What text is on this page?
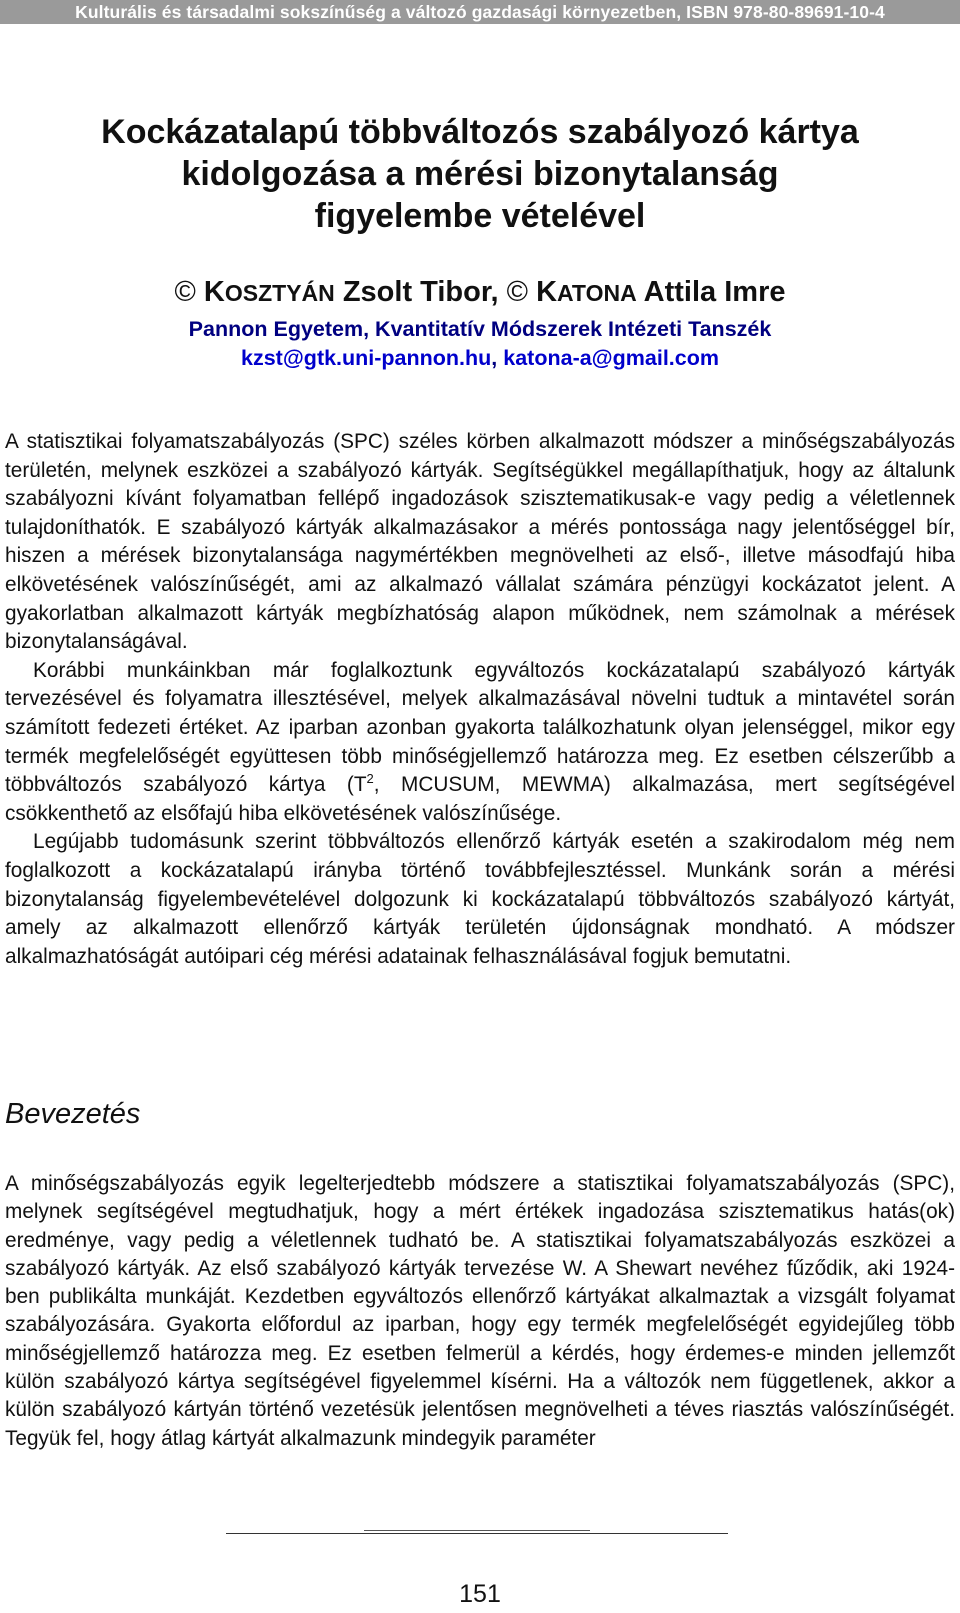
Kulturális és társadalmi sokszínűség a változó gazdasági környezetben, ISBN 978-80-89691-10-4
Kockázatalapú többváltozós szabályozó kártya
kidolgozása a mérési bizonytalanság
figyelembe vételével
© KOSZTYÁN Zsolt Tibor, © KATONA Attila Imre
Pannon Egyetem, Kvantitatív Módszerek Intézeti Tanszék
kzst@gtk.uni-pannon.hu, katona-a@gmail.com

A statisztikai folyamatszabályozás (SPC) széles körben alkalmazott módszer a minőségszabályozás területén, melynek eszközei a szabályozó kártyák. Segítségükkel megállapíthatjuk, hogy az általunk szabályozni kívánt folyamatban fellépő ingadozások szisztematikusak-e vagy pedig a véletlennek tulajdoníthatók. E szabályozó kártyák alkalmazásakor a mérés pontossága nagy jelentőséggel bír, hiszen a mérések bizonytalansága nagymértékben megnövelheti az első-, illetve másodfajú hiba elkövetésének valószínűségét, ami az alkalmazó vállalat számára pénzügyi kockázatot jelent. A gyakorlatban alkalmazott kártyák megbízhatóság alapon működnek, nem számolnak a mérések bizonytalanságával.

Korábbi munkáinkban már foglalkoztunk egyváltozós kockázatalapú szabályozó kártyák tervezésével és folyamatra illesztésével, melyek alkalmazásával növelni tudtuk a mintavétel során számított fedezeti értéket. Az iparban azonban gyakorta találkozhatunk olyan jelenséggel, mikor egy termék megfelelőségét együttesen több minőségjellemző határozza meg. Ez esetben célszerűbb a többváltozós szabályozó kártya ($T^2$, MCUSUM, MEWMA) alkalmazása, mert segítségével csökkenthető az elsőfajú hiba elkövetésének valószínűsége.

Legújabb tudomásunk szerint többváltozós ellenőrző kártyák esetén a szakirodalom még nem foglalkozott a kockázatalapú irányba történő továbbfejlesztéssel. Munkánk során a mérési bizonytalanság figyelembevételével dolgozunk ki kockázatalapú többváltozós szabályozó kártyát, amely az alkalmazott ellenőrző kártyák területén újdonságnak mondható. A módszer alkalmazhatóságát autóipari cég mérési adatainak felhasználásával fogjuk bemutatni.

Bevezetés

A minőségszabályozás egyik legelterjedtebb módszere a statisztikai folyamatszabályozás (SPC), melynek segítségével megtudhatjuk, hogy a mért értékek ingadozása szisztematikus hatás(ok) eredménye, vagy pedig a véletlennek tudható be. A statisztikai folyamatszabályozás eszközei a szabályozó kártyák. Az első szabályozó kártyák tervezése W. A Shewart nevéhez fűződik, aki 1924-ben publikálta munkáját. Kezdetben egyváltozós ellenőrző kártyákat alkalmaztak a vizsgált folyamat szabályozására. Gyakorta előfordul az iparban, hogy egy termék megfelelőségét egyidejűleg több minőségjellemző határozza meg. Ez esetben felmerül a kérdés, hogy érdemes-e minden jellemzőt külön szabályozó kártya segítségével figyelemmel kísérni. Ha a változók nem függetlenek, akkor a külön szabályozó kártyán történő vezetésük jelentősen megnövelheti a téves riasztás valószínűségét. Tegyük fel, hogy átlag kártyát alkalmazunk mindegyik paraméter

151
